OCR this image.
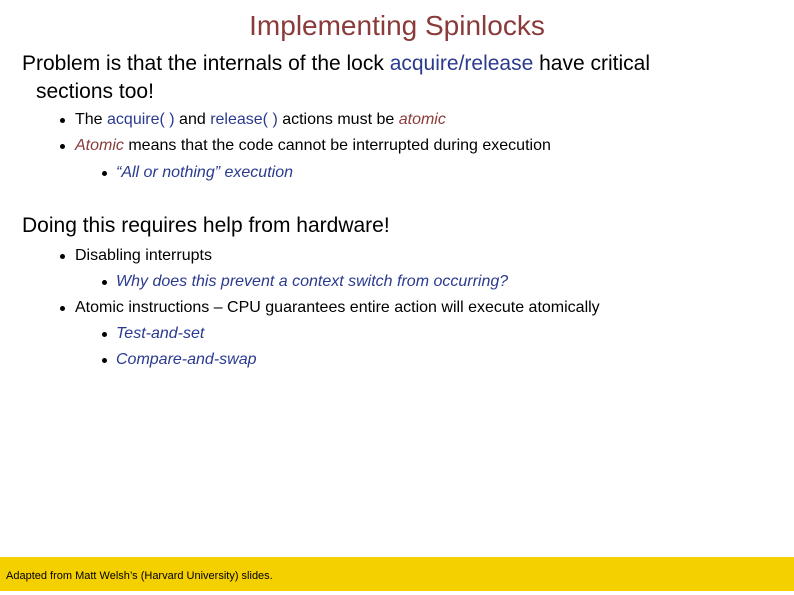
Implementing Spinlocks
Problem is that the internals of the lock acquire/release have critical
sections too!
The acquire( ) and release( ) actions must be atomic
Atomic means that the code cannot be interrupted during execution
“All or nothing” execution
Doing this requires help from hardware!
Disabling interrupts
Why does this prevent a context switch from occurring?
Atomic instructions – CPU guarantees entire action will execute atomically
Test-and-set
Compare-and-swap
Adapted from Matt Welsh’s (Harvard University) slides.
